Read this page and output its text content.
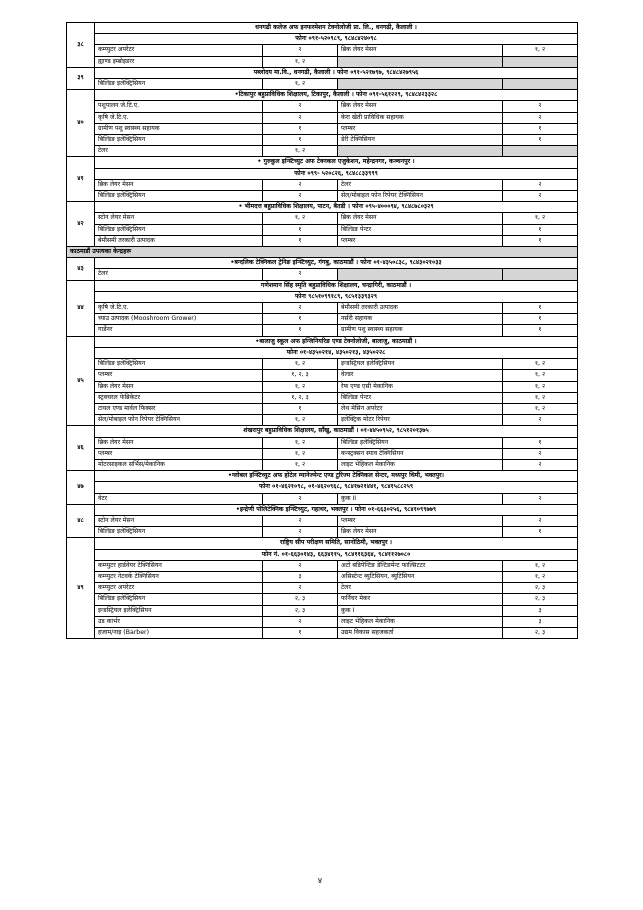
३८	धनगढी कलेज अफ इनफरमेशन टेक्नोलोजी प्रा. लि., धनगढी, कैलाली ।			
	फोनः ०९१-५२०९८९, ९८४८४२४०९८			
	कम्प्युटर अपरेटर	२	ब्रिक लेयर मेसन	१, २
	ह्याण्ड इम्ब्रोइडरर	१, २		
३९	पब्लोदय मा.वि., धनगढी, कैलाली । फोनः ०९१-५२१७९७, ९८४८४२७९५६			
	बिल्डिङ इलेक्ट्रिसियन	१, २		
४०	•टिकापुर बहुप्राविधिक शिक्षालय, टिकापुर, कैलाली । फोनः ०९१-५६१२२९, ९८४८४२३३२८			
	पशुपालन जे.टि.ए.	२	ब्रिक लेयर मेसन	२
	कृषि जे.टि.ए.	२	केरा खेती प्राविधिक सहायक	२
	ग्रामीण पशु स्वास्थ्य सहायक	१	प्लम्बर	१
	बिल्डिङ इलेक्ट्रिसियन	१	डेरी टेक्निसियन	१
	टेलर	१, २		
४१	• गुरुकुल इन्स्टिच्युट अफ टेक्नकल एजुकेशन, महेन्द्रनगर, कञ्चनपुर ।			
	फोनः ०९९- ५२०८२६, ९८४८८३३९९९			
	ब्रिक लेयर मेसन	२	टेलर	२
	बिल्डिङ इलेक्ट्रिसियन	२	सेल/मोबाइल फोन रिपेयर टेक्निसियन	२
४२	• भीमदत्त बहुप्राविधिक शिक्षालय, पाटन, बैतडी । फोनः ०९५-४०००९४, ९८४८७८०३२९			
	स्टोन लेयर मेसन	१, २	ब्रिक लेयर मेसन	१, २
	बिल्डिङ इलेक्ट्रिसियन	१	बिल्डिङ पेन्टर	१
	बेमौसमी तरकारी उत्पादक	१	प्लम्बर	१
काठमाडौं उपत्यका केन्द्रहरू				
४३	•बन्दलिक टेक्निकल ट्रेनिङ इन्स्टिच्युट, गंगबु, काठमाडौं । फोनः ०१-४३५०८३८, ९८४३०२१०३३			
	टेलर	२		
४४	गणेशमान सिंह स्मृति बहुप्राविधिक शिक्षालय, चन्द्रागिरी, काठमाडौं ।			
	फोनः ९८५१०९९१८९, ९८५१३३९३२९			
	कृषि जे.टि.ए.	२	बेमौसमी तरकारी उत्पादक	१
	च्याउ उत्पादक (Mooshroom Grower)	१	नर्सरी सहायक	१
	गार्डेनर	१	ग्रामीण पशु स्वास्थ्य सहायक	१
४५	•बालाजु स्कूल अफ इन्जिनियरिङ एण्ड टेक्नोलोजी, बालाजु, काठमाडौं ।			
	फोनः ०१-४३५०२१४, ४३५०२१३, ४३५०२२८			
	बिल्डिङ इलेक्ट्रिसियन	१, २	इन्डस्ट्रियल इलेक्ट्रिसियन	१, २
	प्लम्बर	१, २, ३	वेल्डर	१, २
	ब्रिक लेयर मेसन	१, २	रेफ एण्ड एसी मेकानिक	१, २
	स्ट्रक्चरल फेब्रिकेटर	१, २, ३	बिल्डिङ पेन्टर	१, २
	टायल एण्ड मार्वल फिक्सर	१	लेथ मेसिन अपरेटर	१, २
	सेल/मोबाइल फोन रिपेयर टेक्निसियन	१, २	इलेक्ट्रिक मोटर रिपेयर	२
४६	शंखरापुर बहुप्राविधिक शिक्षालय, साँखु, काठमाडौं । ०१-४४५०९५२, ९८५१२०१३७५			
	ब्रिक लेयर मेसन	१, २	बिल्डिङ इलेक्ट्रिसियन	१
	प्लम्बर	१, २	कन्स्ट्रक्सन स्याव टेक्निसियन	२
	मोटरसाइकल सर्भिस/मेकानिक	१, २	लाइट भेहिकल मेकानिक	२
४७	•ग्लोबल इन्स्टिच्युट अफ होटेल म्यानेज्मेन्ट एण्ड टुरिज्म टेक्निकल सेन्टर, मध्यपुर थिमी, भक्तपुर।			
	फोनः ०१-४६२१०९८, ०१-४६२०९६८, ९८४१७२१४४१, ९८४१५८८२५९			
	वेटर	२	कुक II	२
४८	•इन्द्रेणी पोलिटेक्निक इन्स्टिच्युट, गहाथर, भक्तपुर । फोनः ०१-६६३०२५६, ९८४१०९९७७९			
	स्टोन लेयर मेसन	२	प्लम्बर	२
	बिल्डिङ इलेक्ट्रिसियन	२	ब्रिक लेयर मेसन	१
४९	राष्ट्रिय सीप परीक्षण समिति, सानोठिमी, भक्तपुर ।			
	फोन नं. ०१-६६३०१४३, ६६३४११५, ९८४११६३६४, ९८४११२७०८०			
	कम्प्युटर हार्डवेयर टेक्निसियन	२	अटो बडिपेन्टिङ डेन्टिङमेन्ट फाल्सिटटर	१, २
	कम्प्युटर नेटवर्क टेक्निसियन	३	असिस्टेन्ट ब्युटिसियन, ब्युटिसियन	१, २
	कम्प्युटर अपरेटर	२	टेलर	२, ३
	बिल्डिङ इलेक्ट्रिसियन	२, ३	फर्निचर मेकर	२, ३
	इन्डस्ट्रियल इलेक्ट्रिसियन	२, ३	कुक I	३
	उड कार्भर	२	लाइट भेहिकल मेकानिक	३
	हजाम/नाइ (Barber)	१	उद्यम विकास सहजकर्ता	२, ३
४
